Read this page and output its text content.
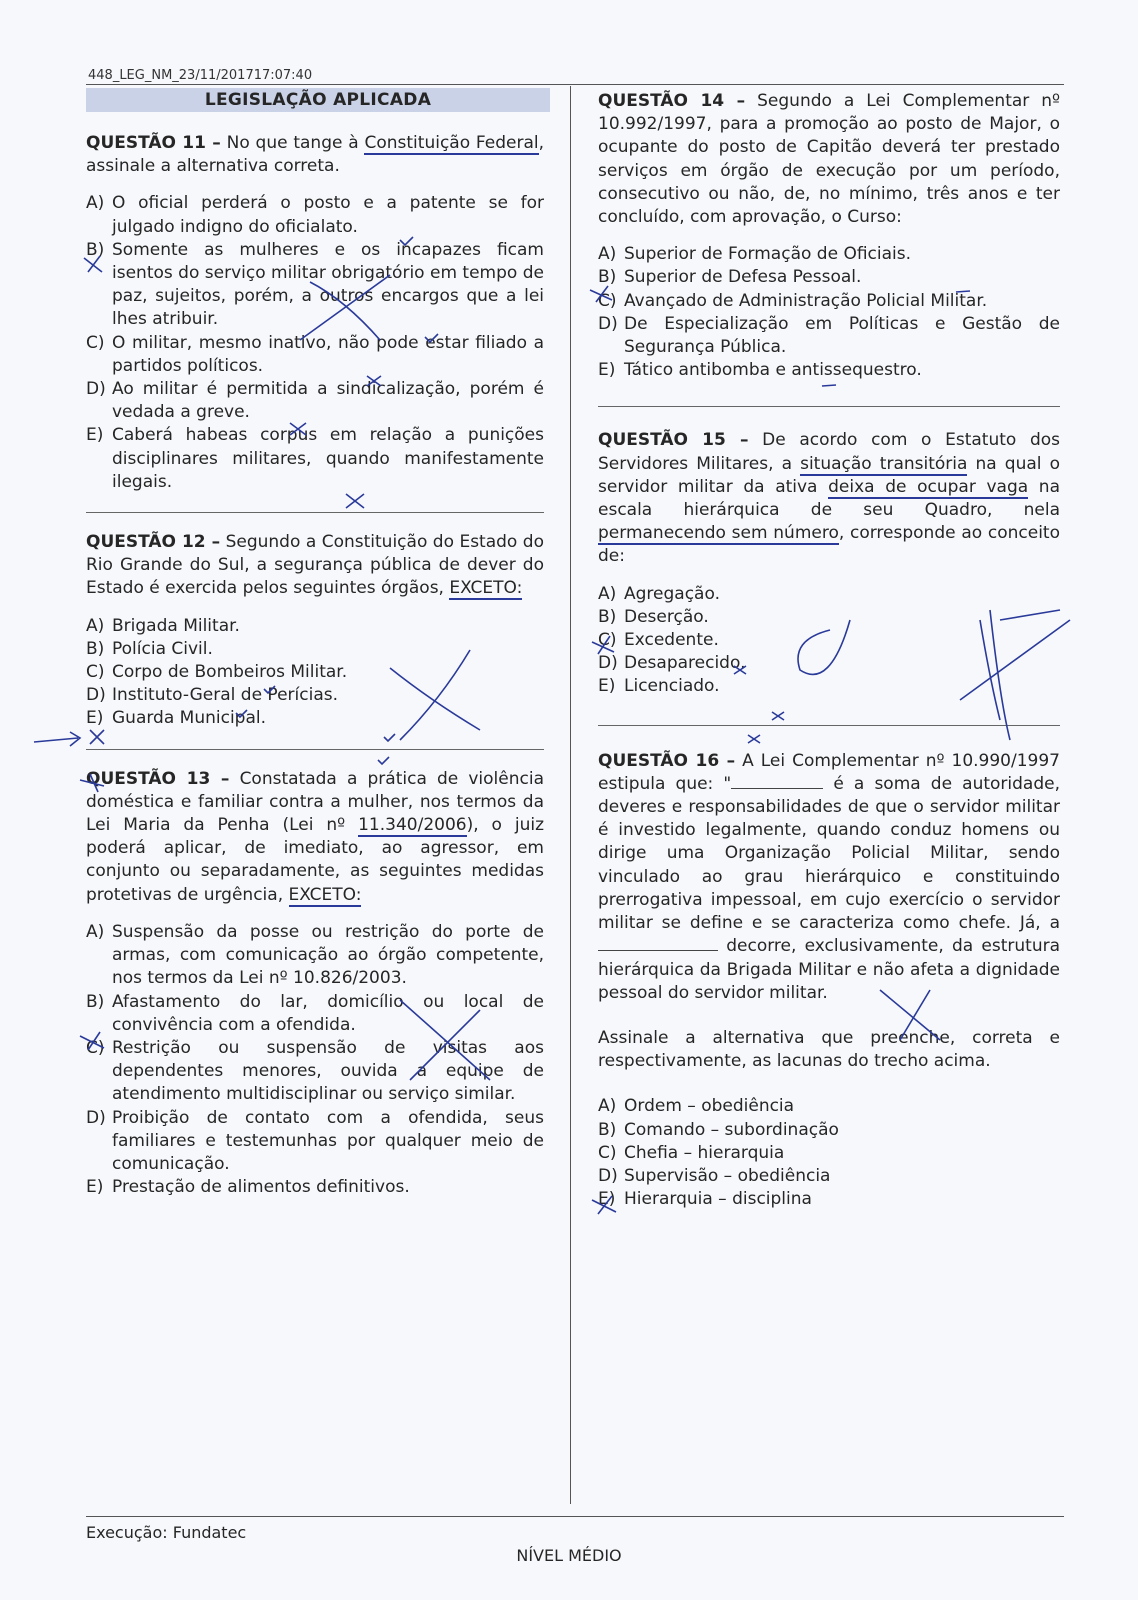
448_LEG_NM_23/11/201717:07:40
LEGISLAÇÃO APLICADA
QUESTÃO 11 – No que tange à Constituição Federal, assinale a alternativa correta.
A) O oficial perderá o posto e a patente se for julgado indigno do oficialato.
B) Somente as mulheres e os incapazes ficam isentos do serviço militar obrigatório em tempo de paz, sujeitos, porém, a outros encargos que a lei lhes atribuir.
C) O militar, mesmo inativo, não pode estar filiado a partidos políticos.
D) Ao militar é permitida a sindicalização, porém é vedada a greve.
E) Caberá habeas corpus em relação a punições disciplinares militares, quando manifestamente ilegais.
QUESTÃO 12 – Segundo a Constituição do Estado do Rio Grande do Sul, a segurança pública de dever do Estado é exercida pelos seguintes órgãos, EXCETO:
A) Brigada Militar.
B) Polícia Civil.
C) Corpo de Bombeiros Militar.
D) Instituto-Geral de Perícias.
E) Guarda Municipal.
QUESTÃO 13 – Constatada a prática de violência doméstica e familiar contra a mulher, nos termos da Lei Maria da Penha (Lei nº 11.340/2006), o juiz poderá aplicar, de imediato, ao agressor, em conjunto ou separadamente, as seguintes medidas protetivas de urgência, EXCETO:
A) Suspensão da posse ou restrição do porte de armas, com comunicação ao órgão competente, nos termos da Lei nº 10.826/2003.
B) Afastamento do lar, domicílio ou local de convivência com a ofendida.
C) Restrição ou suspensão de visitas aos dependentes menores, ouvida a equipe de atendimento multidisciplinar ou serviço similar.
D) Proibição de contato com a ofendida, seus familiares e testemunhas por qualquer meio de comunicação.
E) Prestação de alimentos definitivos.
QUESTÃO 14 – Segundo a Lei Complementar nº 10.992/1997, para a promoção ao posto de Major, o ocupante do posto de Capitão deverá ter prestado serviços em órgão de execução por um período, consecutivo ou não, de, no mínimo, três anos e ter concluído, com aprovação, o Curso:
A) Superior de Formação de Oficiais.
B) Superior de Defesa Pessoal.
C) Avançado de Administração Policial Militar.
D) De Especialização em Políticas e Gestão de Segurança Pública.
E) Tático antibomba e antissequestro.
QUESTÃO 15 – De acordo com o Estatuto dos Servidores Militares, a situação transitória na qual o servidor militar da ativa deixa de ocupar vaga na escala hierárquica de seu Quadro, nela permanecendo sem número, corresponde ao conceito de:
A) Agregação.
B) Deserção.
C) Excedente.
D) Desaparecido.
E) Licenciado.
QUESTÃO 16 – A Lei Complementar nº 10.990/1997 estipula que: "	é a soma de autoridade, deveres e responsabilidades de que o servidor militar é investido legalmente, quando conduz homens ou dirige uma Organização Policial Militar, sendo vinculado ao grau hierárquico e constituindo prerrogativa impessoal, em cujo exercício o servidor militar se define e se caracteriza como chefe. Já, a  decorre, exclusivamente, da estrutura hierárquica da Brigada Militar e não afeta a dignidade pessoal do servidor militar.
Assinale a alternativa que preenche, correta e respectivamente, as lacunas do trecho acima.
A) Ordem – obediência
B) Comando – subordinação
C) Chefia – hierarquia
D) Supervisão – obediência
E) Hierarquia – disciplina
Execução: Fundatec
NÍVEL MÉDIO
